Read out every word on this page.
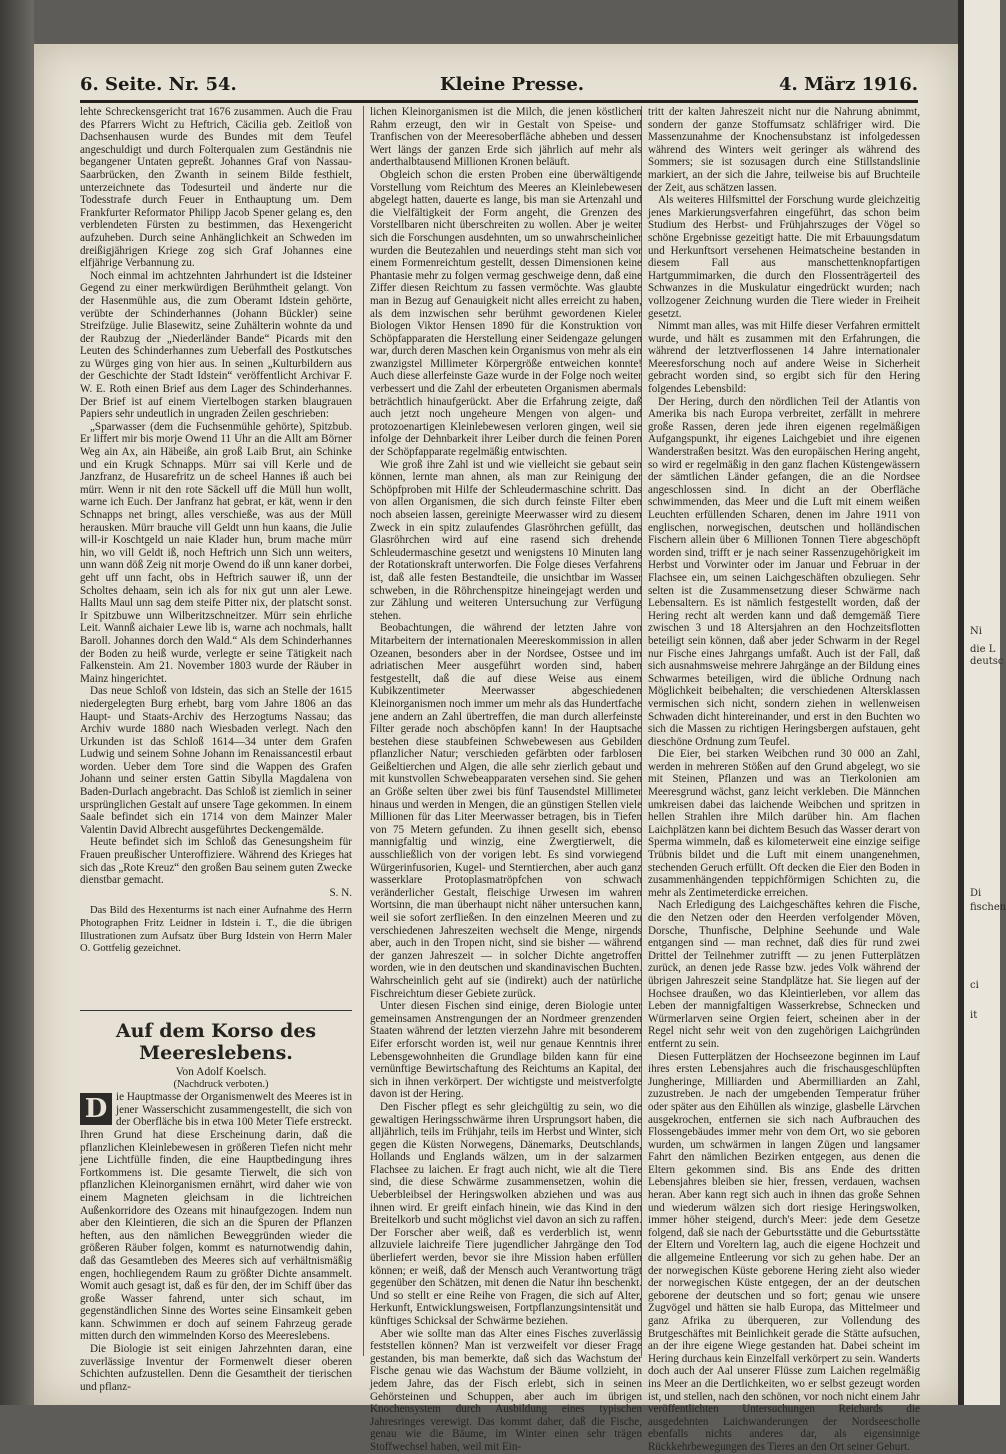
6. Seite. Nr. 54.	Kleine Presse.	4. März 1916.

lehte Schreckensgericht trat 1676 zusammen. Auch die Frau des Pfarrers Wicht zu Heftrich, Cäcilia geb. Zeitloß von Dachsenhausen wurde des Bundes mit dem Teufel angeschuldigt und durch Folterqualen zum Geständnis nie begangener Untaten gepreßt. Johannes Graf von Nassau-Saarbrücken, den Zwanth in seinem Bilde festhielt, unterzeichnete das Todesurteil und änderte nur die Todesstrafe durch Feuer in Enthauptung um. Dem Frankfurter Reformator Philipp Jacob Spener gelang es, den verblendeten Fürsten zu bestimmen, das Hexengericht aufzuheben. Durch seine Anhänglichkeit an Schweden im dreißigjährigen Kriege zog sich Graf Johannes eine elfjährige Verbannung zu.

Noch einmal im achtzehnten Jahrhundert ist die Idsteiner Gegend zu einer merkwürdigen Berühmtheit gelangt. Von der Hasenmühle aus, die zum Oberamt Idstein gehörte, verübte der Schinderhannes (Johann Bückler) seine Streifzüge. Julie Blasewitz, seine Zuhälterin wohnte da und der Raubzug der „Niederländer Bande“ Picards mit den Leuten des Schinderhannes zum Ueberfall des Postkutsches zu Würges ging von hier aus. In seinen „Kulturbildern aus der Geschichte der Stadt Idstein“ veröffentlicht Archivar F. W. E. Roth einen Brief aus dem Lager des Schinderhannes. Der Brief ist auf einem Viertelbogen starken blaugrauen Papiers sehr undeutlich in ungraden Zeilen geschrieben:

„Sparwasser (dem die Fuchsenmühle gehörte), Spitzbub. Er liffert mir bis morje Owend 11 Uhr an die Allt am Börner Weg ain Ax, ain Häbeiße, ain groß Laib Brut, ain Schinke und ein Krugk Schnapps. Mürr sai vill Kerle und de Janzfranz, de Husarefritz un de scheel Hannes iß auch bei mürr. Wenn ir nit den rote Säckell uff die Müll hun wollt, warne ich Euch. Der Janfranz hat gebrat, er kät, wenn ir den Schnapps net bringt, alles verschieße, was aus der Müll herausken. Mürr brauche vill Geldt unn hun kaans, die Julie will-ir Koschtgeld un naie Klader hun, brum mache mürr hin, wo vill Geldt iß, noch Heftrich unn Sich unn weiters, unn wann döß Zeig nit morje Owend do iß unn kaner dorbei, geht uff unn facht, obs in Heftrich sauwer iß, unn der Scholtes dehaam, sein ich als for nix gut unn aler Lewe. Hallts Maul unn sag dem steife Pitter nix, der platscht sonst. Ir Spitzbuwe unn Wilberitzschneitzer. Mürr sein ehrliche Leit. Wannß aichaier Lewe lib is, warne ach nochmals, hallt Baroll. Johannes dorch den Wald.“ Als dem Schinderhannes der Boden zu heiß wurde, verlegte er seine Tätigkeit nach Falkenstein. Am 21. November 1803 wurde der Räuber in Mainz hingerichtet.

Das neue Schloß von Idstein, das sich an Stelle der 1615 niedergelegten Burg erhebt, barg vom Jahre 1806 an das Haupt- und Staats-Archiv des Herzogtums Nassau; das Archiv wurde 1880 nach Wiesbaden verlegt. Nach den Urkunden ist das Schloß 1614—34 unter dem Grafen Ludwig und seinem Sohne Johann im Renaissancestil erbaut worden. Ueber dem Tore sind die Wappen des Grafen Johann und seiner ersten Gattin Sibylla Magdalena von Baden-Durlach angebracht. Das Schloß ist ziemlich in seiner ursprünglichen Gestalt auf unsere Tage gekommen. In einem Saale befindet sich ein 1714 von dem Mainzer Maler Valentin David Albrecht ausgeführtes Deckengemälde.

Heute befindet sich im Schloß das Genesungsheim für Frauen preußischer Unteroffiziere. Während des Krieges hat sich das „Rote Kreuz“ den großen Bau seinem guten Zwecke dienstbar gemacht.

S. N.

Das Bild des Hexenturms ist nach einer Aufnahme des Herrn Photographen Fritz Leidner in Idstein i. T., die die übrigen Illustrationen zum Aufsatz über Burg Idstein von Herrn Maler O. Gottfelig gezeichnet.

Auf dem Korso des Meereslebens.

Von Adolf Koelsch.

(Nachdruck verboten.)

D ie Hauptmasse der Organismenwelt des Meeres ist in jener Wasserschicht zusammengestellt, die sich von der Oberfläche bis in etwa 100 Meter Tiefe erstreckt. Ihren Grund hat diese Erscheinung darin, daß die pflanzlichen Kleinlebewesen in größeren Tiefen nicht mehr jene Lichtfülle finden, die eine Hauptbedingung ihres Fortkommens ist. Die gesamte Tierwelt, die sich von pflanzlichen Kleinorganismen ernährt, wird daher wie von einem Magneten gleichsam in die lichtreichen Außenkorridore des Ozeans mit hinaufgezogen. Indem nun aber den Kleintieren, die sich an die Spuren der Pflanzen heften, aus den nämlichen Beweggründen wieder die größeren Räuber folgen, kommt es naturnotwendig dahin, daß das Gesamtleben des Meeres sich auf verhältnismäßig engen, hochliegendem Raum zu größter Dichte ansammelt. Womit auch gesagt ist, daß es für den, der im Schiff über das große Wasser fahrend, unter sich schaut, im gegenständlichen Sinne des Wortes seine Einsamkeit geben kann. Schwimmen er doch auf seinem Fahrzeug gerade mitten durch den wimmelnden Korso des Meereslebens.

Die Biologie ist seit einigen Jahrzehnten daran, eine zuverlässige Inventur der Formenwelt dieser oberen Schichten aufzustellen. Denn die Gesamtheit der tierischen und pflanz-

lichen Kleinorganismen ist die Milch, die jenen köstlichen Rahm erzeugt, den wir in Gestalt von Speise- und Tranfischen von der Meeresoberfläche abheben und dessen Wert längs der ganzen Erde sich jährlich auf mehr als anderthalbtausend Millionen Kronen beläuft.

Obgleich schon die ersten Proben eine überwältigende Vorstellung vom Reichtum des Meeres an Kleinlebewesen abgelegt hatten, dauerte es lange, bis man sie Artenzahl und die Vielfältigkeit der Form angeht, die Grenzen des Vorstellbaren nicht überschreiten zu wollen. Aber je weiter sich die Forschungen ausdehnten, um so unwahrscheinlicher wurden die Beutezahlen und neuerdings steht man sich vor einem Formenreichtum gestellt, dessen Dimensionen keine Phantasie mehr zu folgen vermag geschweige denn, daß eine Ziffer diesen Reichtum zu fassen vermöchte. Was glaubte man in Bezug auf Genauigkeit nicht alles erreicht zu haben, als dem inzwischen sehr berühmt gewordenen Kieler Biologen Viktor Hensen 1890 für die Konstruktion von Schöpfapparaten die Herstellung einer Seidengaze gelungen war, durch deren Maschen kein Organismus von mehr als ein zwanzigstel Millimeter Körpergröße entweichen konnte! Auch diese allerfeinste Gaze wurde in der Folge noch weiter verbessert und die Zahl der erbeuteten Organismen abermals beträchtlich hinaufgerückt. Aber die Erfahrung zeigte, daß auch jetzt noch ungeheure Mengen von algen- und protozoenartigen Kleinlebewesen verloren gingen, weil sie infolge der Dehnbarkeit ihrer Leiber durch die feinen Poren der Schöpfapparate regelmäßig entwischten.

Wie groß ihre Zahl ist und wie vielleicht sie gebaut sein können, lernte man ahnen, als man zur Reinigung der Schöpfproben mit Hilfe der Schleudermaschine schritt. Das von allen Organismen, die sich durch feinste Filter eben noch abseien lassen, gereinigte Meerwasser wird zu diesem Zweck in ein spitz zulaufendes Glasröhrchen gefüllt, das Glasröhrchen wird auf eine rasend sich drehende Schleudermaschine gesetzt und wenigstens 10 Minuten lang der Rotationskraft unterworfen. Die Folge dieses Verfahrens ist, daß alle festen Bestandteile, die unsichtbar im Wasser schweben, in die Röhrchenspitze hineingejagt werden und zur Zählung und weiteren Untersuchung zur Verfügung stehen.

Beobachtungen, die während der letzten Jahre von Mitarbeitern der internationalen Meereskommission in allen Ozeanen, besonders aber in der Nordsee, Ostsee und im adriatischen Meer ausgeführt worden sind, haben festgestellt, daß die auf diese Weise aus einem Kubikzentimeter Meerwasser abgeschiedenen Kleinorganismen noch immer um mehr als das Hundertfache jene andern an Zahl übertreffen, die man durch allerfeinste Filter gerade noch abschöpfen kann! In der Hauptsache bestehen diese staubfeinen Schwebewesen aus Gebilden pflanzlicher Natur; verschieden gefärbten oder farblosen Geißeltierchen und Algen, die alle sehr zierlich gebaut und mit kunstvollen Schwebeapparaten versehen sind. Sie gehen an Größe selten über zwei bis fünf Tausendstel Millimeter hinaus und werden in Mengen, die an günstigen Stellen viele Millionen für das Liter Meerwasser betragen, bis in Tiefen von 75 Metern gefunden. Zu ihnen gesellt sich, ebenso mannigfaltig und winzig, eine Zwergtierwelt, die ausschließlich von der vorigen lebt. Es sind vorwiegend Würgerinfusorien, Kugel- und Sterntierchen, aber auch ganz wasserklare Protoplasmatröpfchen von schwach veränderlicher Gestalt, fleischige Urwesen im wahren Wortsinn, die man überhaupt nicht näher untersuchen kann, weil sie sofort zerfließen. In den einzelnen Meeren und zu verschiedenen Jahreszeiten wechselt die Menge, nirgends aber, auch in den Tropen nicht, sind sie bisher — während der ganzen Jahreszeit — in solcher Dichte angetroffen worden, wie in den deutschen und skandinavischen Buchten. Wahrscheinlich geht auf sie (indirekt) auch der natürliche Fischreichtum dieser Gebiete zurück.

Unter diesen Fischen sind einige, deren Biologie unter gemeinsamen Anstrengungen der an Nordmeer grenzenden Staaten während der letzten vierzehn Jahre mit besonderem Eifer erforscht worden ist, weil nur genaue Kenntnis ihrer Lebensgewohnheiten die Grundlage bilden kann für eine vernünftige Bewirtschaftung des Reichtums an Kapital, der sich in ihnen verkörpert. Der wichtigste und meistverfolgte davon ist der Hering.

Den Fischer pflegt es sehr gleichgültig zu sein, wo die gewaltigen Heringsschwärme ihren Ursprungsort haben, die alljährlich, teils im Frühjahr, teils im Herbst und Winter, sich gegen die Küsten Norwegens, Dänemarks, Deutschlands, Hollands und Englands wälzen, um in der salzarmen Flachsee zu laichen. Er fragt auch nicht, wie alt die Tiere sind, die diese Schwärme zusammensetzen, wohin die Ueberbleibsel der Heringswolken abziehen und was aus ihnen wird. Er greift einfach hinein, wie das Kind in den Breitelkorb und sucht möglichst viel davon an sich zu raffen. Der Forscher aber weiß, daß es verderblich ist, wenn allzuviele laichreife Tiere jugendlicher Jahrgänge den Tod überliefert werden, bevor sie ihre Mission haben erfüllen können; er weiß, daß der Mensch auch Verantwortung trägt gegenüber den Schätzen, mit denen die Natur ihn beschenkt. Und so stellt er eine Reihe von Fragen, die sich auf Alter, Herkunft, Entwicklungsweisen, Fortpflanzungsintensität und künftiges Schicksal der Schwärme beziehen.

Aber wie sollte man das Alter eines Fisches zuverlässig feststellen können? Man ist verzweifelt vor dieser Frage gestanden, bis man bemerkte, daß sich das Wachstum der Fische genau wie das Wachstum der Bäume vollzieht, in jedem Jahre, das der Fisch erlebt, sich in seinen Gehörsteinen und Schuppen, aber auch im übrigen Knochensystem durch Ausbildung eines typischen Jahresringes verewigt. Das kommt daher, daß die Fische, genau wie die Bäume, im Winter einen sehr trägen Stoffwechsel haben, weil mit Ein-

tritt der kalten Jahreszeit nicht nur die Nahrung abnimmt, sondern der ganze Stoffumsatz schläfriger wird. Die Massenzunahme der Knochensubstanz ist infolgedessen während des Winters weit geringer als während des Sommers; sie ist sozusagen durch eine Stillstandslinie markiert, an der sich die Jahre, teilweise bis auf Bruchteile der Zeit, aus schätzen lassen.

Als weiteres Hilfsmittel der Forschung wurde gleichzeitig jenes Markierungsverfahren eingeführt, das schon beim Studium des Herbst- und Frühjahrszuges der Vögel so schöne Ergebnisse gezeitigt hatte. Die mit Erbauungsdatum und Herkunftsort versehenen Heimatscheine bestanden in diesem Fall aus manschettenknopfartigen Hartgummimarken, die durch den Flossenträgerteil des Schwanzes in die Muskulatur eingedrückt wurden; nach vollzogener Zeichnung wurden die Tiere wieder in Freiheit gesetzt.

Nimmt man alles, was mit Hilfe dieser Verfahren ermittelt wurde, und hält es zusammen mit den Erfahrungen, die während der letztverflossenen 14 Jahre internationaler Meeresforschung noch auf andere Weise in Sicherheit gebracht worden sind, so ergibt sich für den Hering folgendes Lebensbild:

Der Hering, durch den nördlichen Teil der Atlantis von Amerika bis nach Europa verbreitet, zerfällt in mehrere große Rassen, deren jede ihren eigenen regelmäßigen Aufgangspunkt, ihr eigenes Laichgebiet und ihre eigenen Wanderstraßen besitzt. Was den europäischen Hering angeht, so wird er regelmäßig in den ganz flachen Küstengewässern der sämtlichen Länder gefangen, die an die Nordsee angeschlossen sind. In dicht an der Oberfläche schwimmenden, das Meer und die Luft mit einem weißen Leuchten erfüllenden Scharen, denen im Jahre 1911 von englischen, norwegischen, deutschen und holländischen Fischern allein über 6 Millionen Tonnen Tiere abgeschöpft worden sind, trifft er je nach seiner Rassenzugehörigkeit im Herbst und Vorwinter oder im Januar und Februar in der Flachsee ein, um seinen Laichgeschäften obzuliegen. Sehr selten ist die Zusammensetzung dieser Schwärme nach Lebensaltern. Es ist nämlich festgestellt worden, daß der Hering recht alt werden kann und daß demgemäß Tiere zwischen 3 und 18 Altersjahren an den Hochzeitsflotten beteiligt sein können, daß aber jeder Schwarm in der Regel nur Fische eines Jahrgangs umfaßt. Auch ist der Fall, daß sich ausnahmsweise mehrere Jahrgänge an der Bildung eines Schwarmes beteiligen, wird die übliche Ordnung nach Möglichkeit beibehalten; die verschiedenen Altersklassen vermischen sich nicht, sondern ziehen in wellenweisen Schwaden dicht hintereinander, und erst in den Buchten wo sich die Massen zu richtigen Heringsbergen aufstauen, geht dieschöne Ordnung zum Teufel.

Die Eier, bei starken Weibchen rund 30 000 an Zahl, werden in mehreren Stößen auf den Grund abgelegt, wo sie mit Steinen, Pflanzen und was an Tierkolonien am Meeresgrund wächst, ganz leicht verkleben. Die Männchen umkreisen dabei das laichende Weibchen und spritzen in hellen Strahlen ihre Milch darüber hin. Am flachen Laichplätzen kann bei dichtem Besuch das Wasser derart von Sperma wimmeln, daß es kilometerweit eine einzige seifige Trübnis bildet und die Luft mit einem unangenehmen, stechenden Geruch erfüllt. Oft decken die Eier den Boden in zusammenhängenden teppichförmigen Schichten zu, die mehr als Zentimeterdicke erreichen.

Nach Erledigung des Laichgeschäftes kehren die Fische, die den Netzen oder den Heerden verfolgender Möven, Dorsche, Thunfische, Delphine Seehunde und Wale entgangen sind — man rechnet, daß dies für rund zwei Drittel der Teilnehmer zutrifft — zu jenen Futterplätzen zurück, an denen jede Rasse bzw. jedes Volk während der übrigen Jahreszeit seine Standplätze hat. Sie liegen auf der Hochsee draußen, wo das Kleintierleben, vor allem das Leben der mannigfaltigen Wasserkrebse, Schnecken und Würmerlarven seine Orgien feiert, scheinen aber in der Regel nicht sehr weit von den zugehörigen Laichgründen entfernt zu sein.

Diesen Futterplätzen der Hochseezone beginnen im Lauf ihres ersten Lebensjahres auch die frischausgeschlüpften Jungheringe, Milliarden und Abermilliarden an Zahl, zuzustreben. Je nach der umgebenden Temperatur früher oder später aus den Eihüllen als winzige, glasbelle Lärvchen ausgekrochen, entfernen sie sich nach Aufbrauchen des Flossengebäudes immer mehr von dem Ort, wo sie geboren wurden, um schwärmen in langen Zügen und langsamer Fahrt den nämlichen Bezirken entgegen, aus denen die Eltern gekommen sind. Bis ans Ende des dritten Lebensjahres bleiben sie hier, fressen, verdauen, wachsen heran. Aber kann regt sich auch in ihnen das große Sehnen und wiederum wälzen sich dort riesige Heringswolken, immer höher steigend, durch's Meer: jede dem Gesetze folgend, daß sie nach der Geburtsstätte und die Geburtsstätte der Eltern und Voreltern lag, auch die eigene Hochzeit und die allgemeine Entleerung vor sich zu gehen habe. Der an der norwegischen Küste geborene Hering zieht also wieder der norwegischen Küste entgegen, der an der deutschen geborene der deutschen und so fort; genau wie unsere Zugvögel und hätten sie halb Europa, das Mittelmeer und ganz Afrika zu überqueren, zur Vollendung des Brutgeschäftes mit Beinlichkeit gerade die Stätte aufsuchen, an der ihre eigene Wiege gestanden hat. Dabei scheint im Hering durchaus kein Einzelfall verkörpert zu sein. Wanderts doch auch der Aal unserer Flüsse zum Laichen regelmäßig ins Meer an die Dertlichkeiten, wo er selbst gezeugt worden ist, und stellen, nach den schönen, vor noch nicht einem Jahr veröffentlichten Untersuchungen Reichards die ausgedehnten Laichwanderungen der Nordseescholle ebenfalls nichts anderes dar, als eigensinnige Rückkehrbewegungen des Tieres an den Ort seiner Geburt.

Ni
die L
deutsc
Di
fischen
ci
it
